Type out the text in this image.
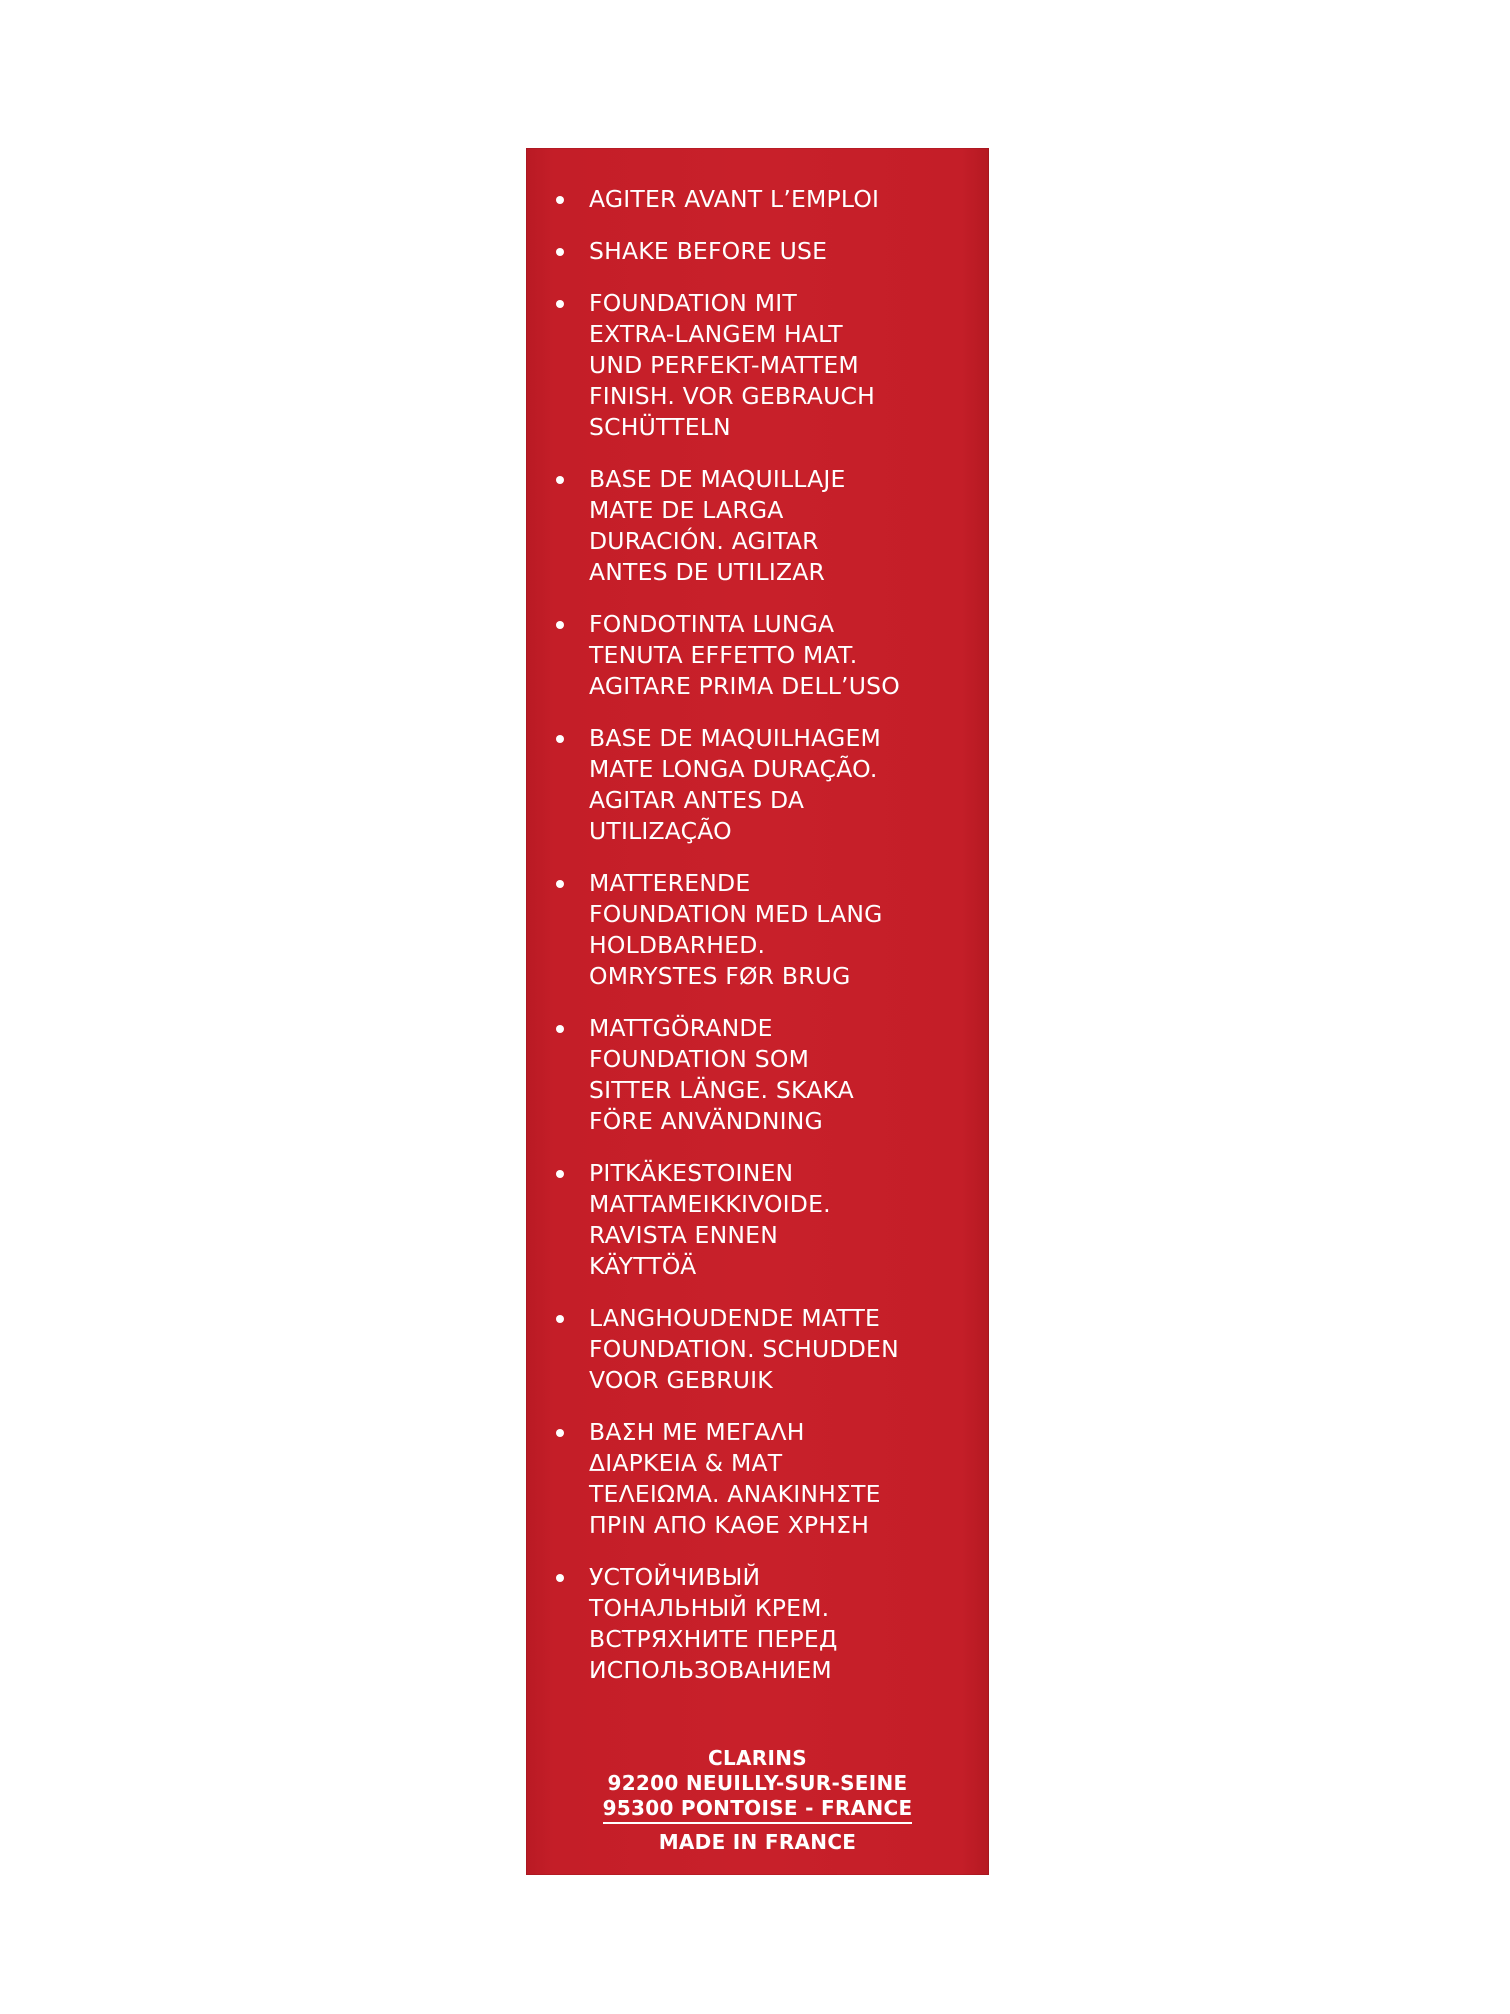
AGITER AVANT L’EMPLOI
SHAKE BEFORE USE
FOUNDATION MIT
EXTRA-LANGEM HALT
UND PERFEKT-MATTEM
FINISH. VOR GEBRAUCH
SCHÜTTELN
BASE DE MAQUILLAJE
MATE DE LARGA
DURACIÓN. AGITAR
ANTES DE UTILIZAR
FONDOTINTA LUNGA
TENUTA EFFETTO MAT.
AGITARE PRIMA DELL’USO
BASE DE MAQUILHAGEM
MATE LONGA DURAÇÃO.
AGITAR ANTES DA
UTILIZAÇÃO
MATTERENDE
FOUNDATION MED LANG
HOLDBARHED.
OMRYSTES FØR BRUG
MATTGÖRANDE
FOUNDATION SOM
SITTER LÄNGE. SKAKA
FÖRE ANVÄNDNING
PITKÄKESTOINEN
MATTAMEIKKIVOIDE.
RAVISTA ENNEN
KÄYTTÖÄ
LANGHOUDENDE MATTE
FOUNDATION. SCHUDDEN
VOOR GEBRUIK
ΒΑΣΗ ΜΕ ΜΕΓΑΛΗ
ΔΙΑΡΚΕΙΑ & ΜΑΤ
ΤΕΛΕΙΩΜΑ. ΑΝΑΚΙΝΗΣΤΕ
ΠΡΙΝ ΑΠΟ ΚΑΘΕ ΧΡΗΣΗ
УСТОЙЧИВЫЙ
ТОНАЛЬНЫЙ КРЕМ.
ВСТРЯХНИТЕ ПЕРЕД
ИСПОЛЬЗОВАНИЕМ
CLARINS
92200 NEUILLY-SUR-SEINE
95300 PONTOISE - FRANCE
MADE IN FRANCE
